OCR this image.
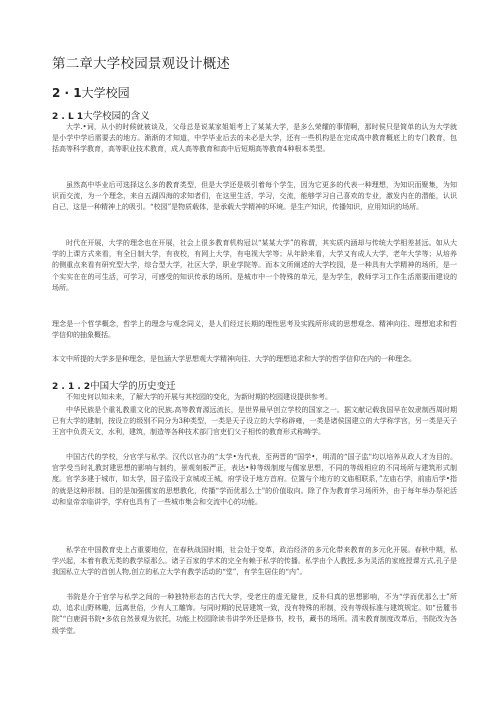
第二章大学校园景观设计概述
2 · 1大学校园
2 . L 1大学校园的含义

大学.•词，从小的时候就被谈及，父母总是说某家姐姐考上了某某大学，是多么荣耀的事情啊，那时侯只是简单的认为大学就是小学中学后需要去的地方。渐渐的才知道，中学毕业后去的未必是大学，还有一些机构是在完成高中教育概底上的专门教育，包括高等科学教育，高等职业技术教育，成人高等教育和高中后短期高等教育4种根本类型。

虽然高中毕业后可选择这么多的教育类型，但是大学还是吸引着每个学生，因为它更多的代表一种理想，为知识而聚集，为知识而交流，为一个理念，来自五湖四海的求知者们，在这里生活，学习，交流，能够学习自己喜欢的专业，激发内在的潜能，认识自己，这是一种精神上的吸引。“校园”是物质载体，是承载大学精神的环境。是生产知识，传播知识，应用知识的场所。

时代在开展，大学的理念也在开展，社会上很多教育机构冠以“某某大学”的称谓，其实质内涵却与传统大学相差甚远。如从大学的上课方式来看，有全日制大学，有夜校，有网上大学，有电视大学等；从年龄来看，大学又有成人大学，老年大学等；从培养的侧重点来看有研究型大学，综合型大学，社区大学，职业学院等。而本文所阐述的大学校园，是一种具有大学精神的场所，是一个实实在在的可生活，可学习，可感受的知识传承的场所。是城市中一个特殊的单元，是为学生，教师学习工作生活需要而建设的场所。

理念是一个哲学概念，哲学上的理念与观念同义，是人们经过长期的理性思考及实践所形成的思想观念、精神向往、理想追求和哲学信仰的抽象概括。

本文中所提的大学多是种理念，是包涵大学思想观大学精神向往、大学的理想追求和大学的哲学信仰在内的一种理念。

2 . 1 . 2中国大学的历史变迁

不知史何以知未来，了解大学的开展与其校园的变化，为新时期的校园建设提供参考。

中华民族是个重礼教重文化的民族,高等教育源远流长，是世界最早创立学校的国家之一。据文献记载我国早在奴隶制西周时期已有大学的建制，按设立的级别不同分为3种类型，一类是天子设立的大学称辟雍，一类是诸侯国建立的大学称学宫，另一类是天子王宫中负责天文，水利，建筑，制造等各种技术部门官吏们父子相传的教育形式称畴学。

中国古代的学校，分官学与私学。汉代以官办的“太学•为代表，至两晋的“国学•，明清的“国子监"均以培养从政人才为目的。官学受当时礼教封建思想的影响与制约，景观刻板严正，表达•种等级制度与儒家思想，不同的等级相应的不同场所与建筑形式制度。官学多建于城市，如太学，国子监设于京城或王城，府学设于地方首府。位置与个地方的文庙相联系，”左庙右学，前庙后学•指的就是这种形制。目的是加强儒家的思想教化，传播“学而优那么士"的价值取向。除了作为教育学习场所外，由于每年举办祭祀活动和皇帝亲临讲学，学府也具有了一些城市集会和交流中心的功能。

私学在中国教育史上占重要地位，在春秋战国时期，社会处于变革，政治经济的多元化带来教育的多元化开展。春秋中期，私学兴起，本着有教无类的教学原那么。诸子百家的学术的完全有赖于私学的传播。私学由个人教授,多为灵活的家庭授课方式,孔子是我国私立大学的首创人物,创立的私立大学有教学活动的“堂”，有学生居住的“内”。

书院是介于官学与私学之间的一种独特形态的古代大学，受老庄的虚无避世，反朴归真的思想影响，不为“学而优那么士”所动，追求山野林趣，远离世俗，少有人工雕饰。与同时期的民居建筑一致，没有特殊的形制，没有等级标准与建筑规定。如“岳麓书院”“白鹿洞书院•多依自然景观为依托，功能上校园除读书讲学外还是修书，校书，藏书的场所。清末教育制度改革后，书院改为各级学堂。
